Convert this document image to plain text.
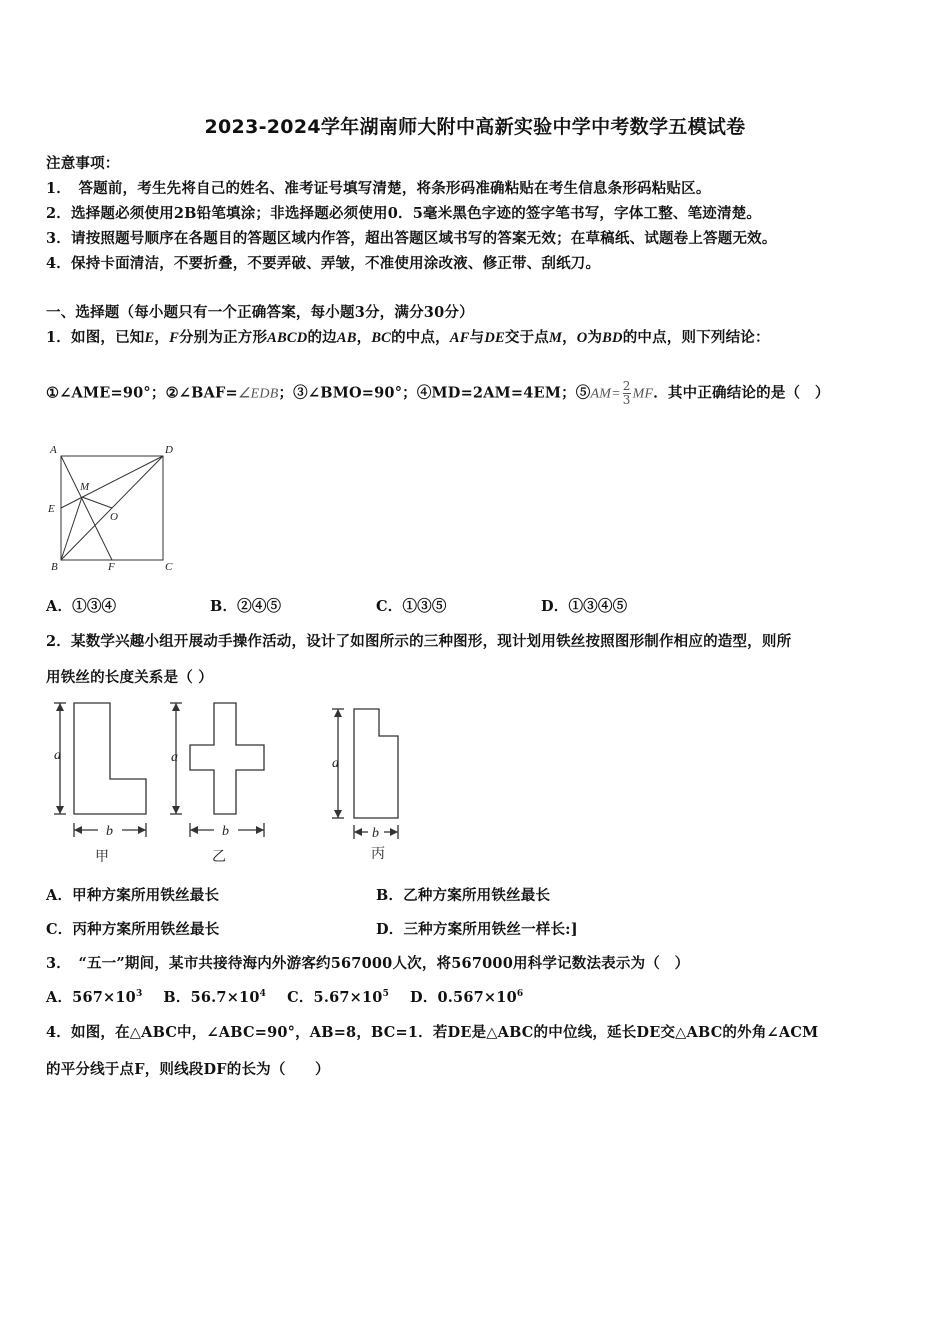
2023-2024学年湖南师大附中高新实验中学中考数学五模试卷
注意事项：
1．　答题前，考生先将自己的姓名、准考证号填写清楚，将条形码准确粘贴在考生信息条形码粘贴区。
2．选择题必须使用2B铅笔填涂；非选择题必须使用0．5毫米黑色字迹的签字笔书写，字体工整、笔迹清楚。
3．请按照题号顺序在各题目的答题区域内作答，超出答题区域书写的答案无效；在草稿纸、试题卷上答题无效。
4．保持卡面清洁，不要折叠，不要弄破、弄皱，不准使用涂改液、修正带、刮纸刀。
一、选择题（每小题只有一个正确答案，每小题3分，满分30分）
1．如图，已知E，F分别为正方形ABCD的边AB，BC的中点，AF与DE交于点M，O为BD的中点，则下列结论：
①∠AME=90°；②∠BAF=∠EDB；③∠BMO=90°；④MD=2AM=4EM；⑤AM= $\frac{2}{3}$ MF．其中正确结论的是（　）
A	D
M
E
O
B	F	C
A．①③④	B．②④⑤	C．①③⑤	D．①③④⑤
2．某数学兴趣小组开展动手操作活动，设计了如图所示的三种图形，现计划用铁丝按照图形制作相应的造型，则所
用铁丝的长度关系是（ ）
a	a	a
b	b	b
甲	乙	丙
A．甲种方案所用铁丝最长	B．乙种方案所用铁丝最长
C．丙种方案所用铁丝最长	D．三种方案所用铁丝一样长:]
3．　“五一”期间，某市共接待海内外游客约567000人次，将567000用科学记数法表示为（　）
A．$567\times 10^3$ B．$56.7\times 10^4$ C．$5.67\times 10^5$ D．$0.567\times 10^6$
4．如图，在△ABC中，∠ABC=90°，AB=8，BC=1．若DE是△ABC的中位线，延长DE交△ABC的外角∠ACM
的平分线于点F，则线段DF的长为（　　）
